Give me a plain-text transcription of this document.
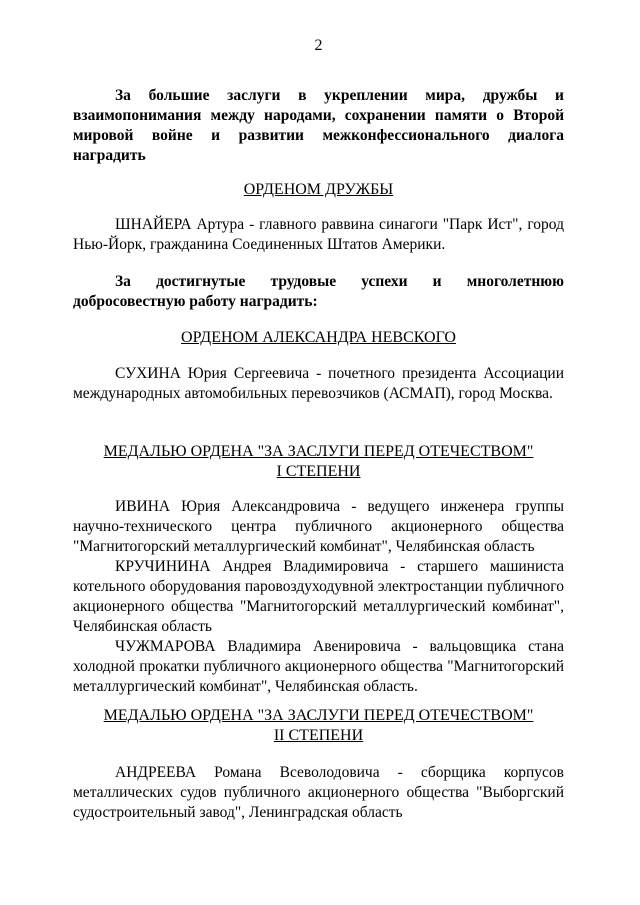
2

За большие заслуги в укреплении мира, дружбы и взаимопонимания между народами, сохранении памяти о Второй мировой войне и развитии межконфессионального диалога наградить

ОРДЕНОМ ДРУЖБЫ

ШНАЙЕРА Артура - главного раввина синагоги "Парк Ист", город Нью-Йорк, гражданина Соединенных Штатов Америки.

За достигнутые трудовые успехи и многолетнюю добросовестную работу наградить:

ОРДЕНОМ АЛЕКСАНДРА НЕВСКОГО

СУХИНА Юрия Сергеевича - почетного президента Ассоциации международных автомобильных перевозчиков (АСМАП), город Москва.

МЕДАЛЬЮ ОРДЕНА "ЗА ЗАСЛУГИ ПЕРЕД ОТЕЧЕСТВОМ"

I СТЕПЕНИ

ИВИНА Юрия Александровича - ведущего инженера группы научно-технического центра публичного акционерного общества "Магнитогорский металлургический комбинат", Челябинская область

КРУЧИНИНА Андрея Владимировича - старшего машиниста котельного оборудования паровоздуходувной электростанции публичного акционерного общества "Магнитогорский металлургический комбинат", Челябинская область

ЧУЖМАРОВА Владимира Авенировича - вальцовщика стана холодной прокатки публичного акционерного общества "Магнитогорский металлургический комбинат", Челябинская область.

МЕДАЛЬЮ ОРДЕНА "ЗА ЗАСЛУГИ ПЕРЕД ОТЕЧЕСТВОМ"

II СТЕПЕНИ

АНДРЕЕВА Романа Всеволодовича - сборщика корпусов металлических судов публичного акционерного общества "Выборгский судостроительный завод", Ленинградская область
